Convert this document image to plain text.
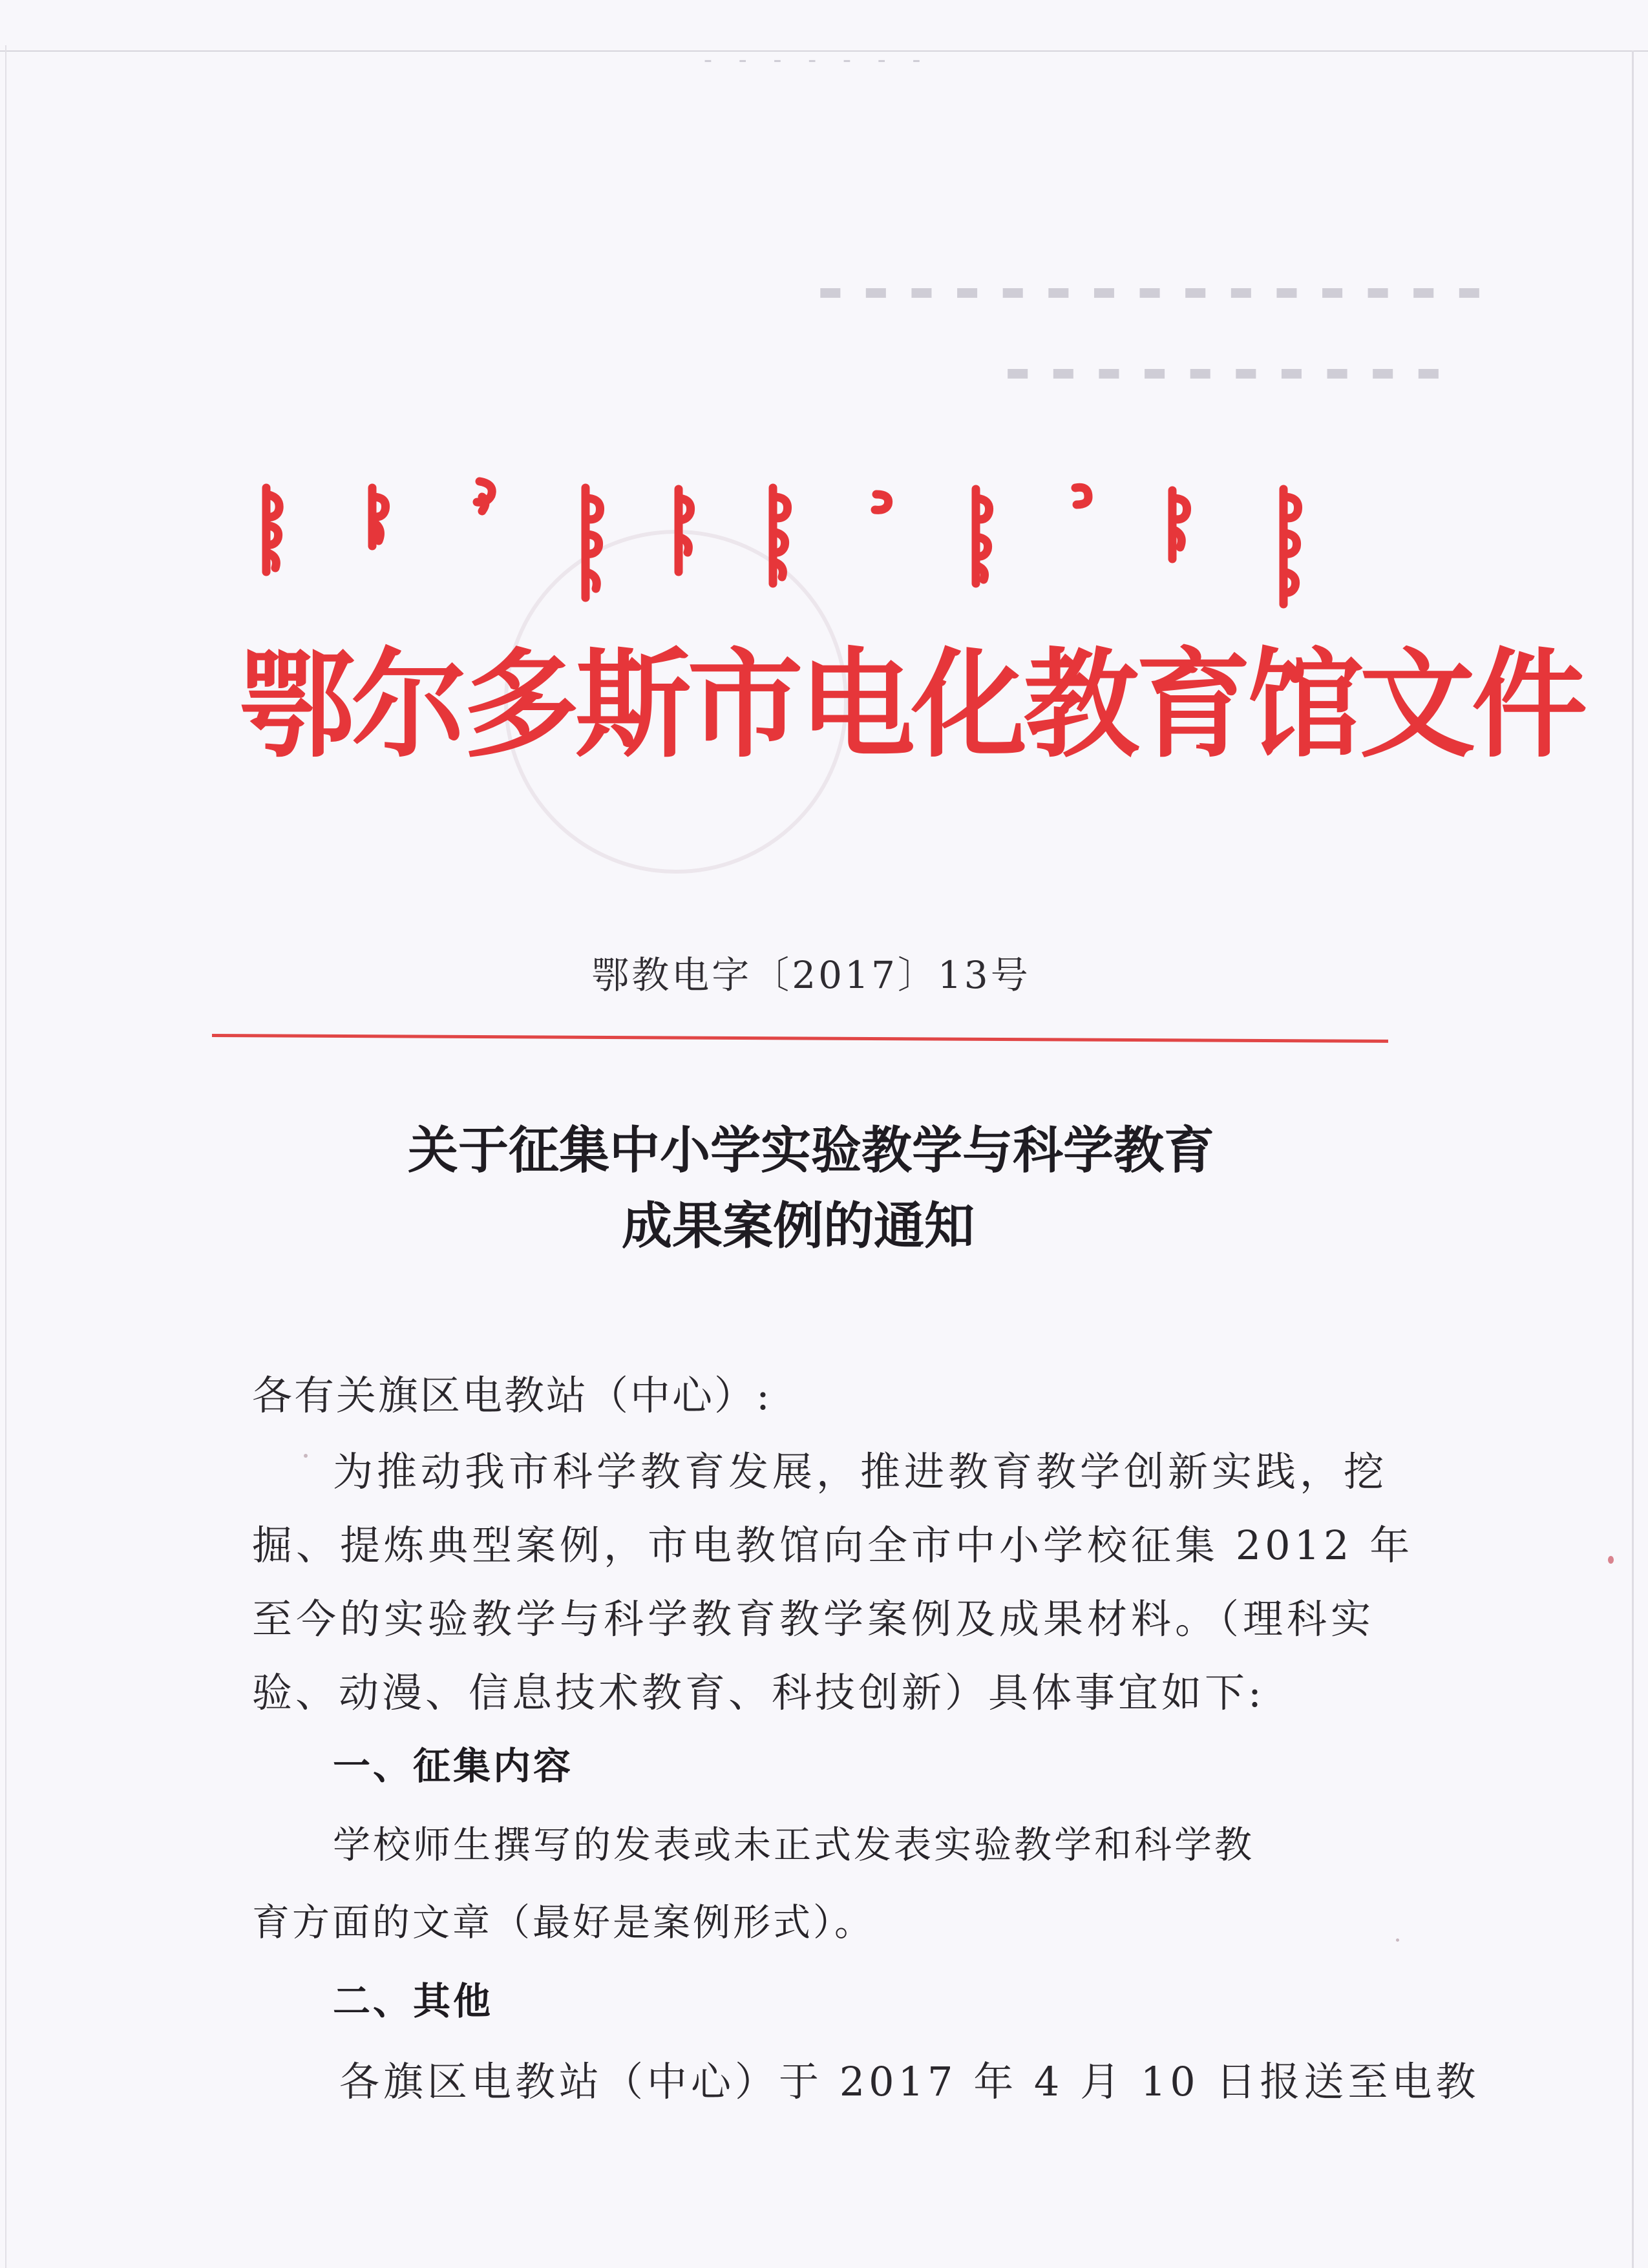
- - - - - - -
▬ ▬ ▬ ▬ ▬ ▬ ▬ ▬ ▬ ▬ ▬ ▬ ▬ ▬ ▬
▬ ▬ ▬ ▬ ▬ ▬ ▬ ▬ ▬ ▬
鄂尔多斯市电化教育馆文件
鄂教电字〔2017〕13号
关于征集中小学实验教学与科学教育
成果案例的通知
各有关旗区电教站（中心）:
为推动我市科学教育发展，推进教育教学创新实践，挖
掘、提炼典型案例，市电教馆向全市中小学校征集 2012 年
至今的实验教学与科学教育教学案例及成果材料。（理科实
验、动漫、信息技术教育、科技创新）具体事宜如下:
一、征集内容
学校师生撰写的发表或未正式发表实验教学和科学教
育方面的文章（最好是案例形式）。
二、其他
各旗区电教站（中心）于 2017 年 4 月 10 日报送至电教
